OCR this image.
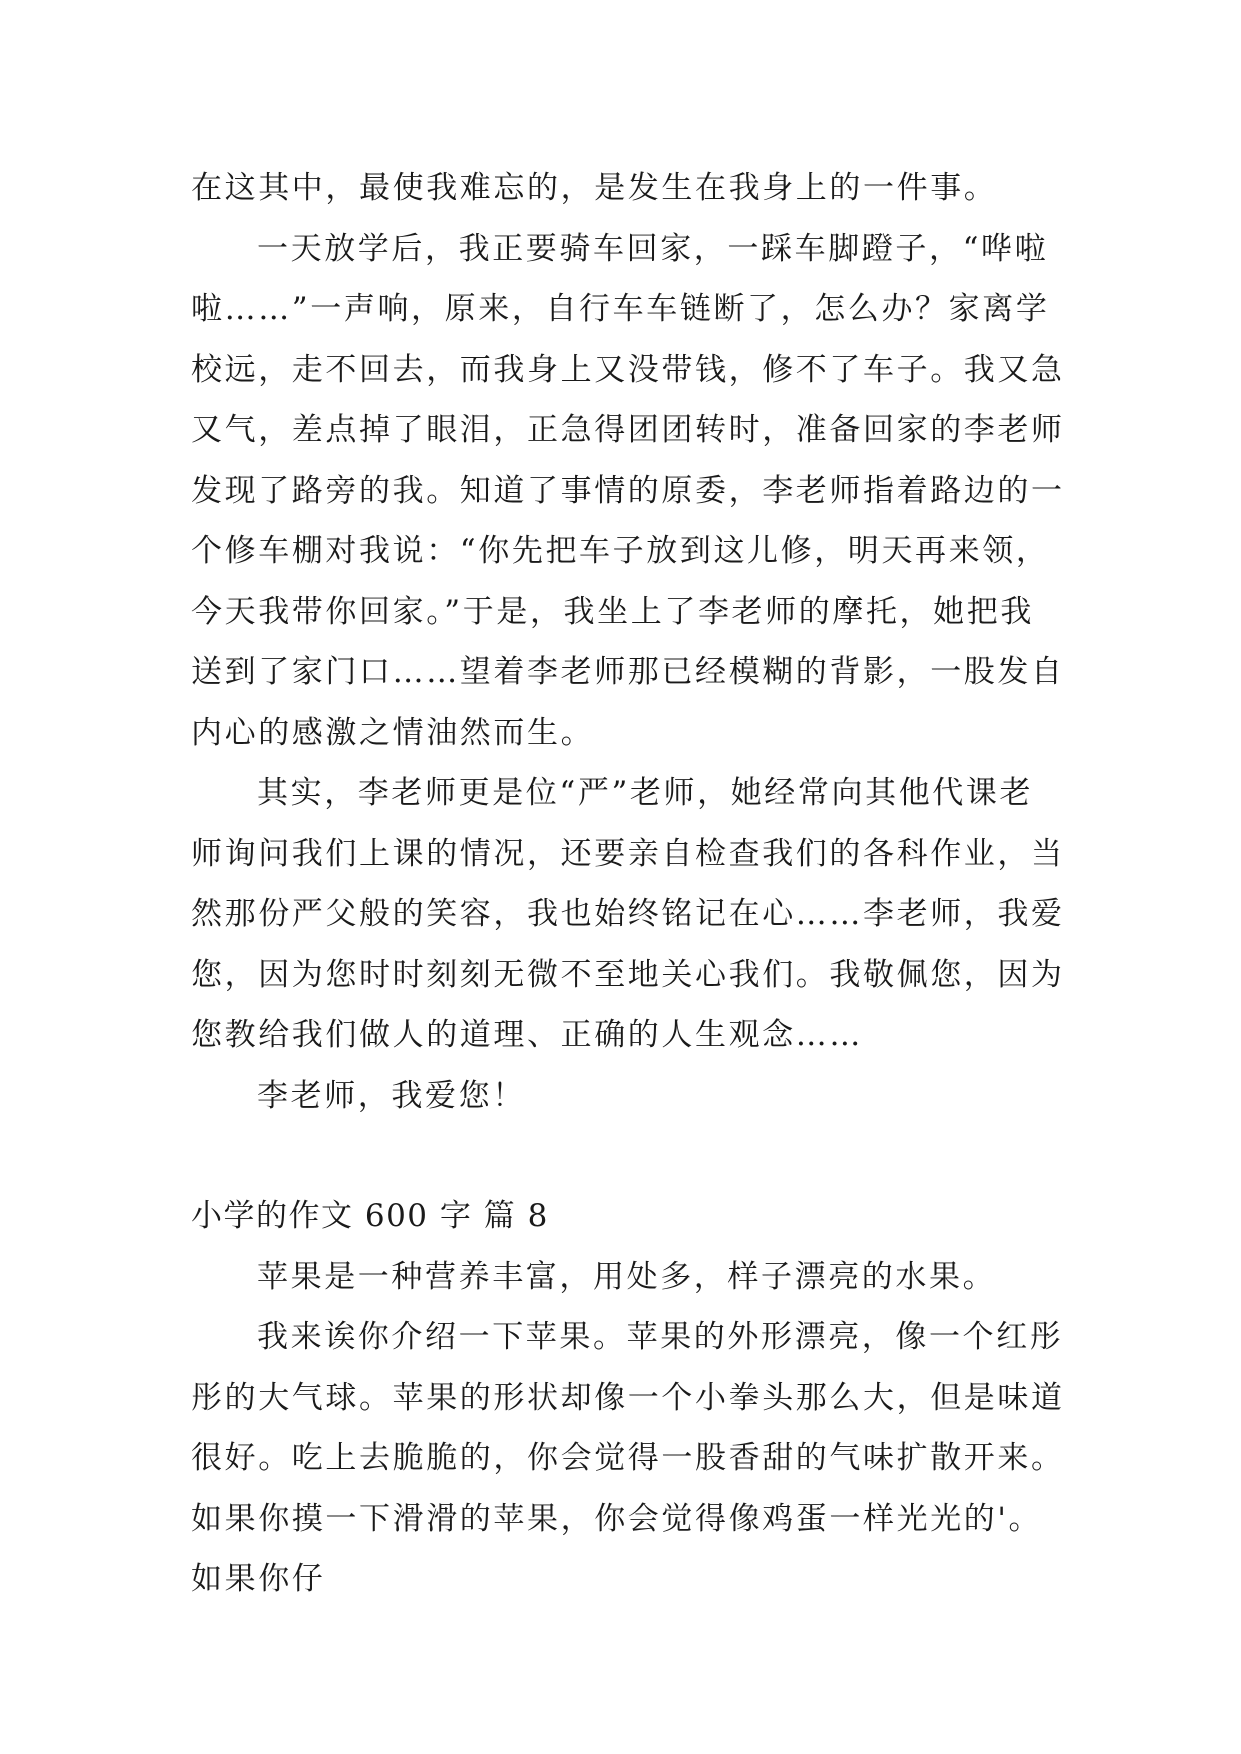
在这其中，最使我难忘的，是发生在我身上的一件事。
一天放学后，我正要骑车回家，一踩车脚蹬子，“哗啦
啦……”一声响，原来，自行车车链断了，怎么办？家离学
校远，走不回去，而我身上又没带钱，修不了车子。我又急
又气，差点掉了眼泪，正急得团团转时，准备回家的李老师
发现了路旁的我。知道了事情的原委，李老师指着路边的一
个修车棚对我说：“你先把车子放到这儿修，明天再来领，
今天我带你回家。”于是，我坐上了李老师的摩托，她把我
送到了家门口……望着李老师那已经模糊的背影，一股发自
内心的感激之情油然而生。
其实，李老师更是位“严”老师，她经常向其他代课老
师询问我们上课的情况，还要亲自检查我们的各科作业，当
然那份严父般的笑容，我也始终铭记在心……李老师，我爱
您，因为您时时刻刻无微不至地关心我们。我敬佩您，因为
您教给我们做人的道理、正确的人生观念……
李老师，我爱您！
小学的作文 600 字 篇 8
苹果是一种营养丰富，用处多，样子漂亮的水果。
我来诶你介绍一下苹果。苹果的外形漂亮，像一个红彤
彤的大气球。苹果的形状却像一个小拳头那么大，但是味道
很好。吃上去脆脆的，你会觉得一股香甜的气味扩散开来。
如果你摸一下滑滑的苹果，你会觉得像鸡蛋一样光光的'。
如果你仔
